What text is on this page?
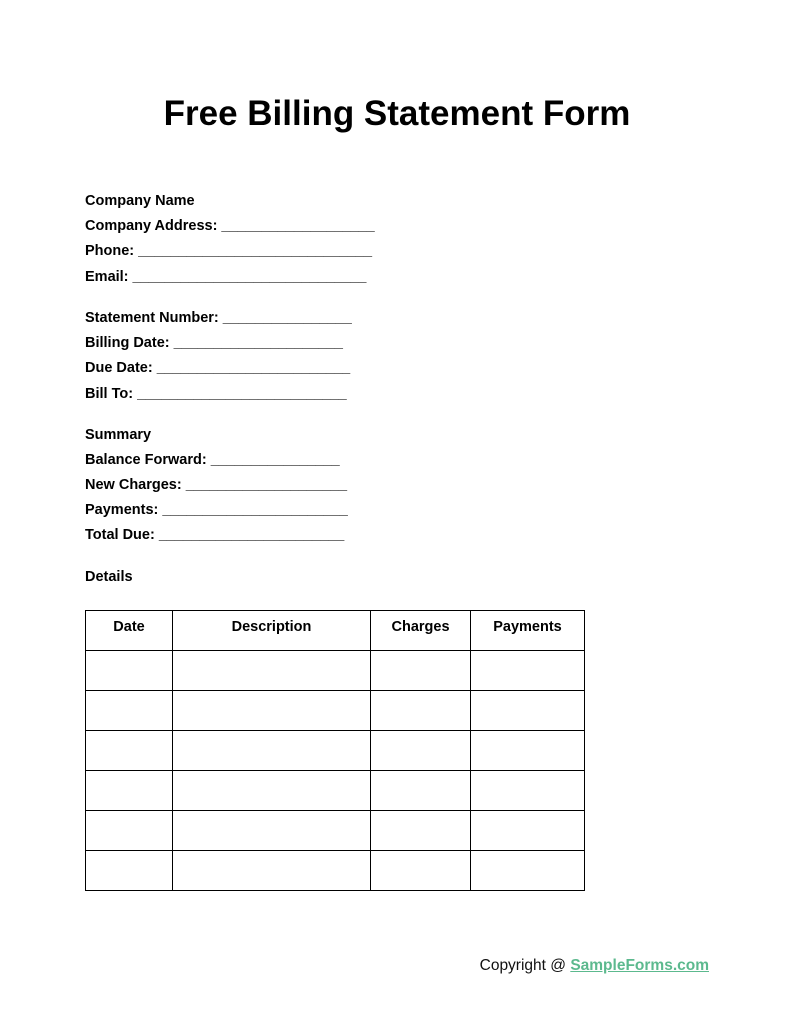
Free Billing Statement Form
Company Name
Company Address: ___________________
Phone: _____________________________
Email: _____________________________
Statement Number: ________________
Billing Date: _____________________
Due Date: ________________________
Bill To: __________________________
Summary
Balance Forward: ________________
New Charges: ____________________
Payments: _______________________
Total Due: _______________________
Details
Date	Description	Charges	Payments

Copyright @ SampleForms.com
